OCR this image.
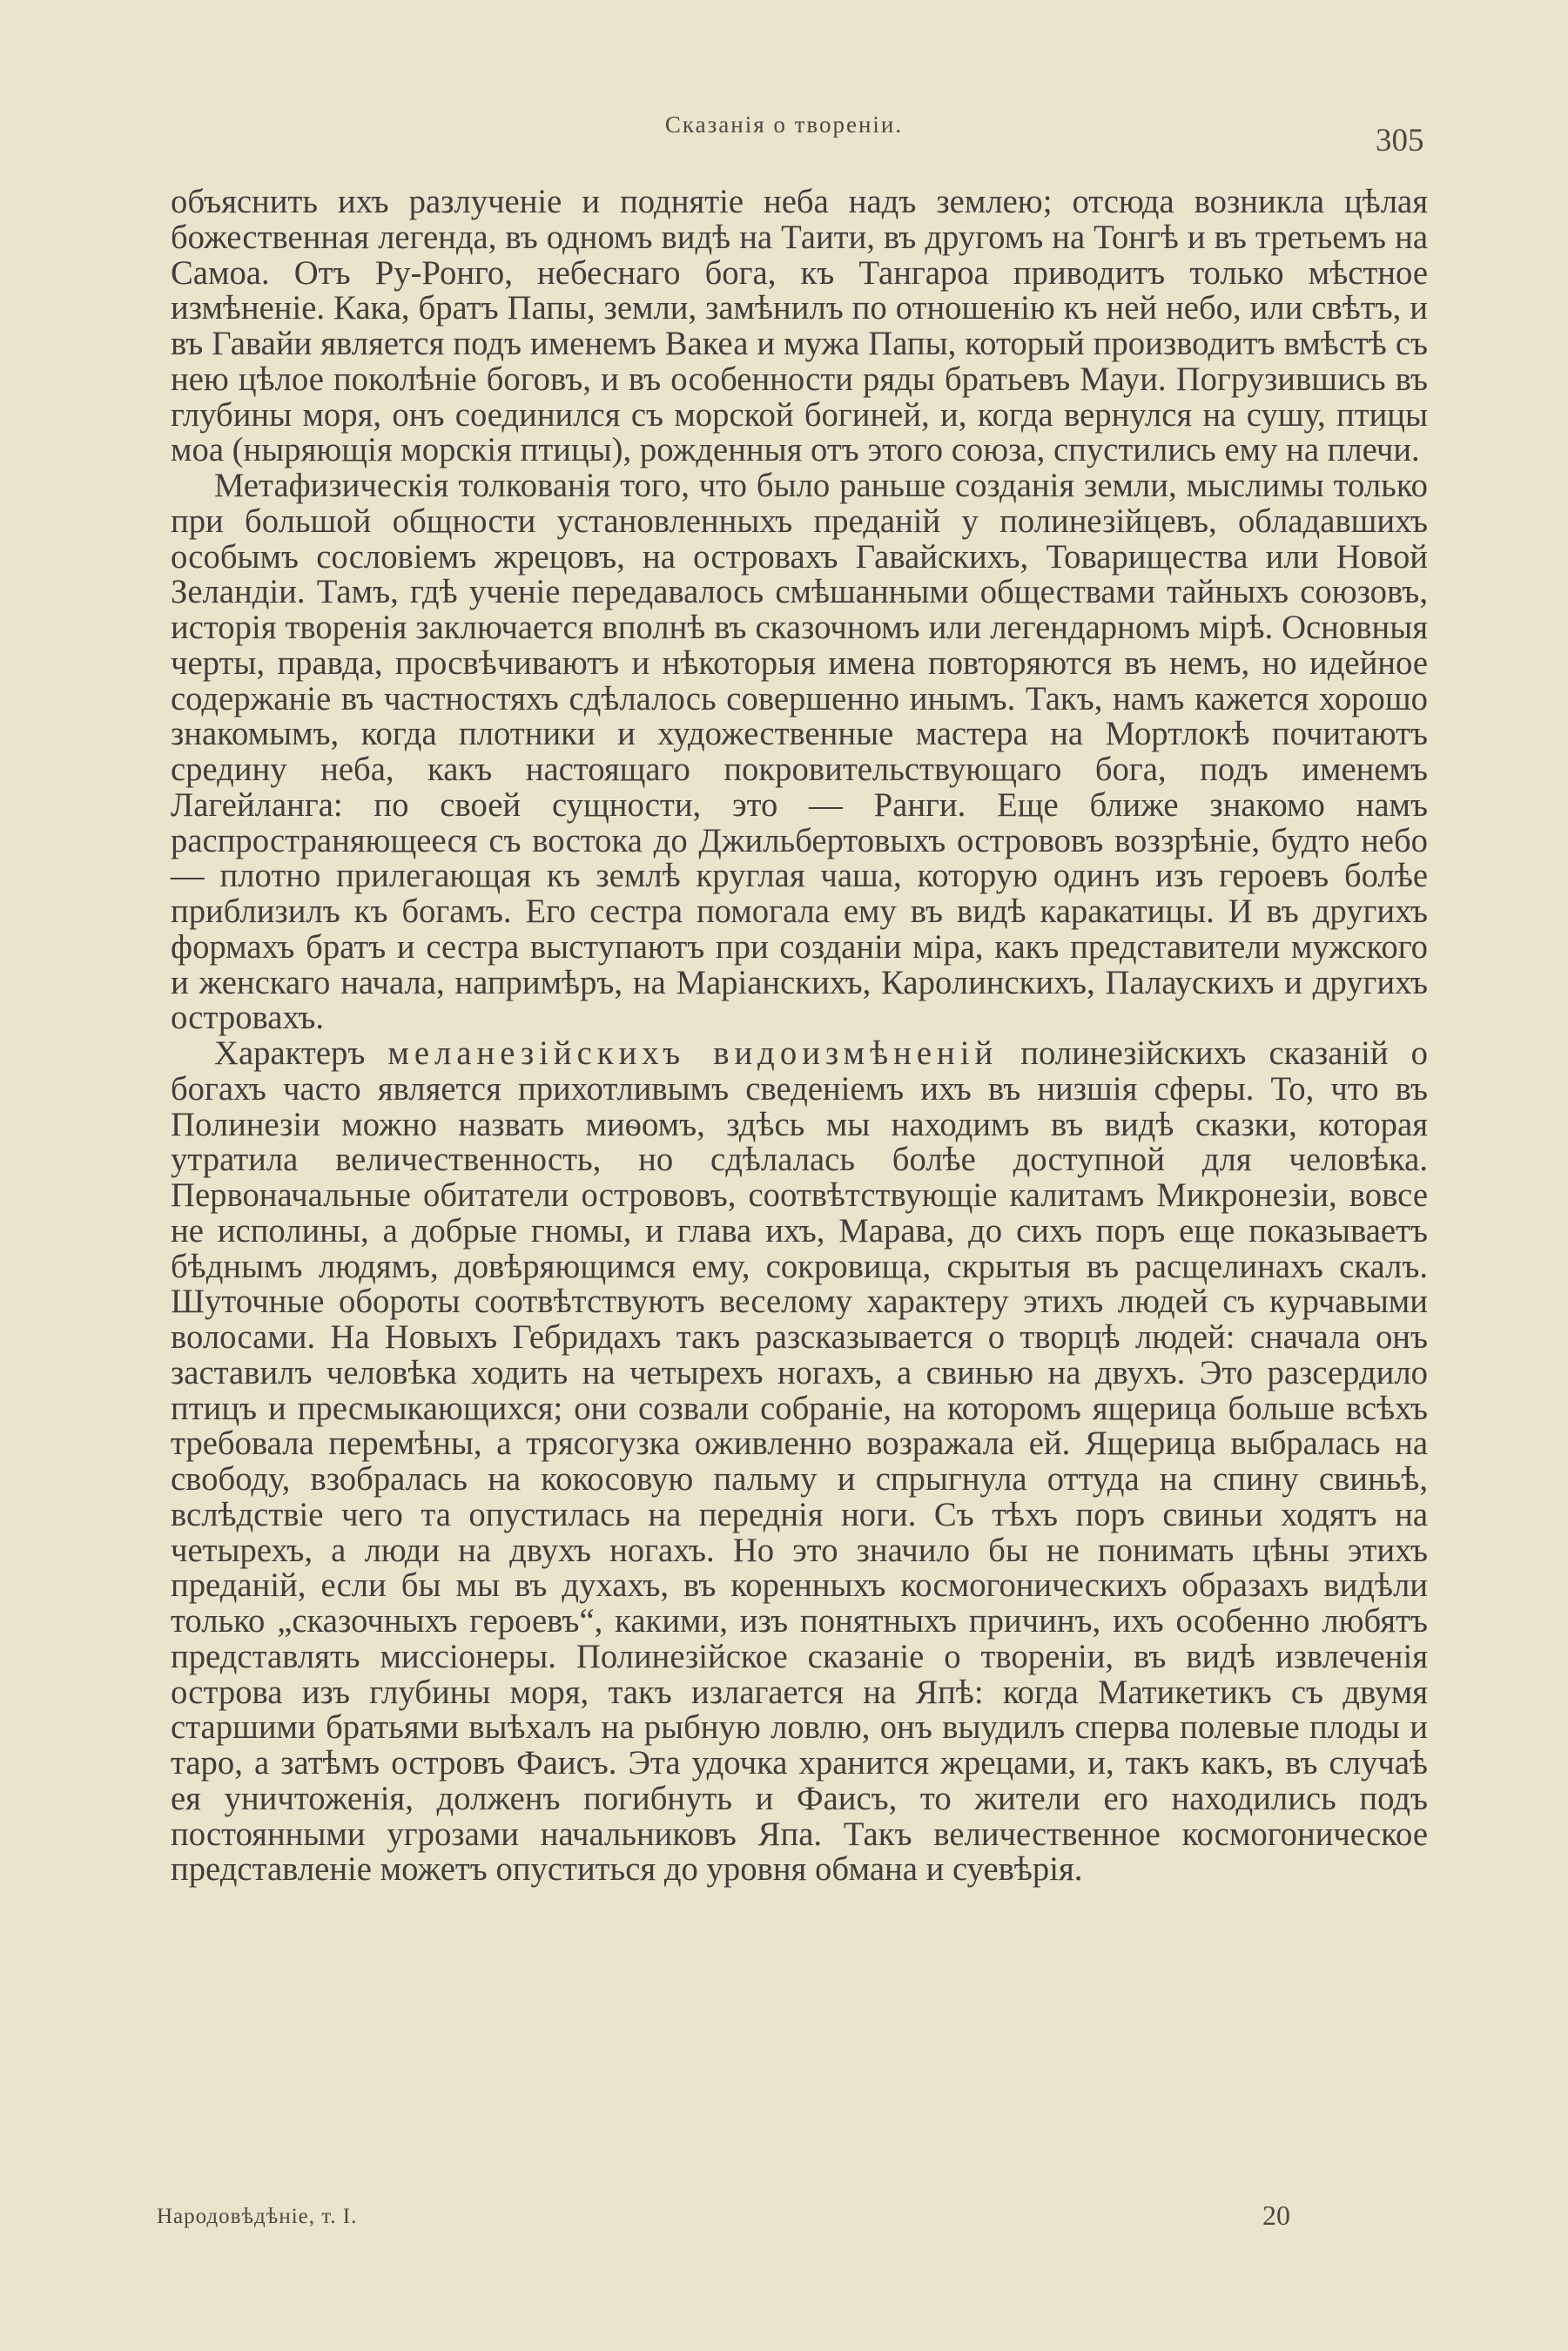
Сказанія о твореніи.	305

объяснить ихъ разлученіе и поднятіе неба надъ землею; отсюда возникла цѣлая божественная легенда, въ одномъ видѣ на Таити, въ другомъ на Тонгѣ и въ третьемъ на Самоа. Отъ Ру-Ронго, небеснаго бога, къ Тангароа приводитъ только мѣстное измѣненіе. Кака, братъ Папы, земли, замѣнилъ по отношенію къ ней небо, или свѣтъ, и въ Гавайи является подъ именемъ Вакеа и мужа Папы, который производитъ вмѣстѣ съ нею цѣлое поколѣніе боговъ, и въ особенности ряды братьевъ Мауи. Погрузившись въ глубины моря, онъ соединился съ морской богиней, и, когда вернулся на сушу, птицы моа (ныряющія морскія птицы), рожденныя отъ этого союза, спустились ему на плечи.

Метафизическія толкованія того, что было раньше созданія земли, мыслимы только при большой общности установленныхъ преданій у полинезійцевъ, обладавшихъ особымъ сословіемъ жрецовъ, на островахъ Гавайскихъ, Товарищества или Новой Зеландіи. Тамъ, гдѣ ученіе передавалось смѣшанными обществами тайныхъ союзовъ, исторія творенія заключается вполнѣ въ сказочномъ или легендарномъ мірѣ. Основныя черты, правда, просвѣчиваютъ и нѣкоторыя имена повторяются въ немъ, но идейное содержаніе въ частностяхъ сдѣлалось совершенно инымъ. Такъ, намъ кажется хорошо знакомымъ, когда плотники и художественные мастера на Мортлокѣ почитаютъ средину неба, какъ настоящаго покровительствующаго бога, подъ именемъ Лагейланга: по своей сущности, это — Ранги. Еще ближе знакомо намъ распространяющееся съ востока до Джильбертовыхъ острововъ воззрѣніе, будто небо — плотно прилегающая къ землѣ круглая чаша, которую одинъ изъ героевъ болѣе приблизилъ къ богамъ. Его сестра помогала ему въ видѣ каракатицы. И въ другихъ формахъ братъ и сестра выступаютъ при созданіи міра, какъ представители мужского и женскаго начала, напримѣръ, на Маріанскихъ, Каролинскихъ, Палаускихъ и другихъ островахъ.

Характеръ меланезійскихъ видоизмѣненій полинезійскихъ сказаній о богахъ часто является прихотливымъ сведеніемъ ихъ въ низшія сферы. То, что въ Полинезіи можно назвать миѳомъ, здѣсь мы находимъ въ видѣ сказки, которая утратила величественность, но сдѣлалась болѣе доступной для человѣка. Первоначальные обитатели острововъ, соотвѣтствующіе калитамъ Микронезіи, вовсе не исполины, а добрые гномы, и глава ихъ, Марава, до сихъ поръ еще показываетъ бѣднымъ людямъ, довѣряющимся ему, сокровища, скрытыя въ расщелинахъ скалъ. Шуточные обороты соотвѣтствуютъ веселому характеру этихъ людей съ курчавыми волосами. На Новыхъ Гебридахъ такъ разсказывается о творцѣ людей: сначала онъ заставилъ человѣка ходить на четырехъ ногахъ, а свинью на двухъ. Это разсердило птицъ и пресмыкающихся; они созвали собраніе, на которомъ ящерица больше всѣхъ требовала перемѣны, а трясогузка оживленно возражала ей. Ящерица выбралась на свободу, взобралась на кокосовую пальму и спрыгнула оттуда на спину свиньѣ, вслѣдствіе чего та опустилась на переднія ноги. Съ тѣхъ поръ свиньи ходятъ на четырехъ, а люди на двухъ ногахъ. Но это значило бы не понимать цѣны этихъ преданій, если бы мы въ духахъ, въ коренныхъ космогоническихъ образахъ видѣли только „сказочныхъ героевъ“, какими, изъ понятныхъ причинъ, ихъ особенно любятъ представлять миссіонеры. Полинезійское сказаніе о твореніи, въ видѣ извлеченія острова изъ глубины моря, такъ излагается на Япѣ: когда Матикетикъ съ двумя старшими братьями выѣхалъ на рыбную ловлю, онъ выудилъ сперва полевые плоды и таро, а затѣмъ островъ Фаисъ. Эта удочка хранится жрецами, и, такъ какъ, въ случаѣ ея уничтоженія, долженъ погибнуть и Фаисъ, то жители его находились подъ постоянными угрозами начальниковъ Япа. Такъ величественное космогоническое представленіе можетъ опуститься до уровня обмана и суевѣрія.

Народовѣдѣніе, т. I.	20
